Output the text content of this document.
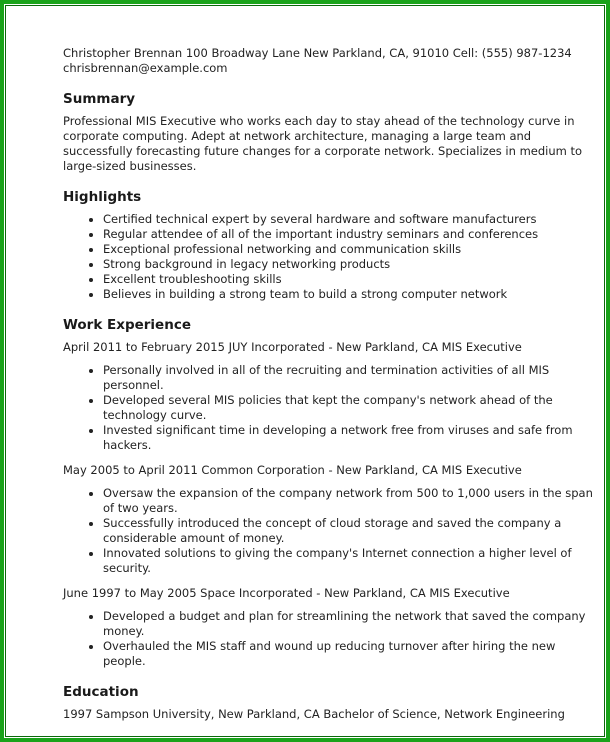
Christopher Brennan 100 Broadway Lane New Parkland, CA, 91010 Cell: (555) 987-1234

chrisbrennan@example.com

Summary

Professional MIS Executive who works each day to stay ahead of the technology curve in corporate computing. Adept at network architecture, managing a large team and successfully forecasting future changes for a corporate network. Specializes in medium to large-sized businesses.

Highlights
• Certified technical expert by several hardware and software manufacturers
• Regular attendee of all of the important industry seminars and conferences
• Exceptional professional networking and communication skills
• Strong background in legacy networking products
• Excellent troubleshooting skills
• Believes in building a strong team to build a strong computer network
Work Experience

April 2011 to February 2015 JUY Incorporated - New Parkland, CA MIS Executive

• Personally involved in all of the recruiting and termination activities of all MIS personnel.
• Developed several MIS policies that kept the company's network ahead of the technology curve.
• Invested significant time in developing a network free from viruses and safe from hackers.

May 2005 to April 2011 Common Corporation - New Parkland, CA MIS Executive

• Oversaw the expansion of the company network from 500 to 1,000 users in the span of two years.
• Successfully introduced the concept of cloud storage and saved the company a considerable amount of money.
• Innovated solutions to giving the company's Internet connection a higher level of security.

June 1997 to May 2005 Space Incorporated - New Parkland, CA MIS Executive

• Developed a budget and plan for streamlining the network that saved the company money.
• Overhauled the MIS staff and wound up reducing turnover after hiring the new people.
Education

1997 Sampson University, New Parkland, CA Bachelor of Science, Network Engineering
